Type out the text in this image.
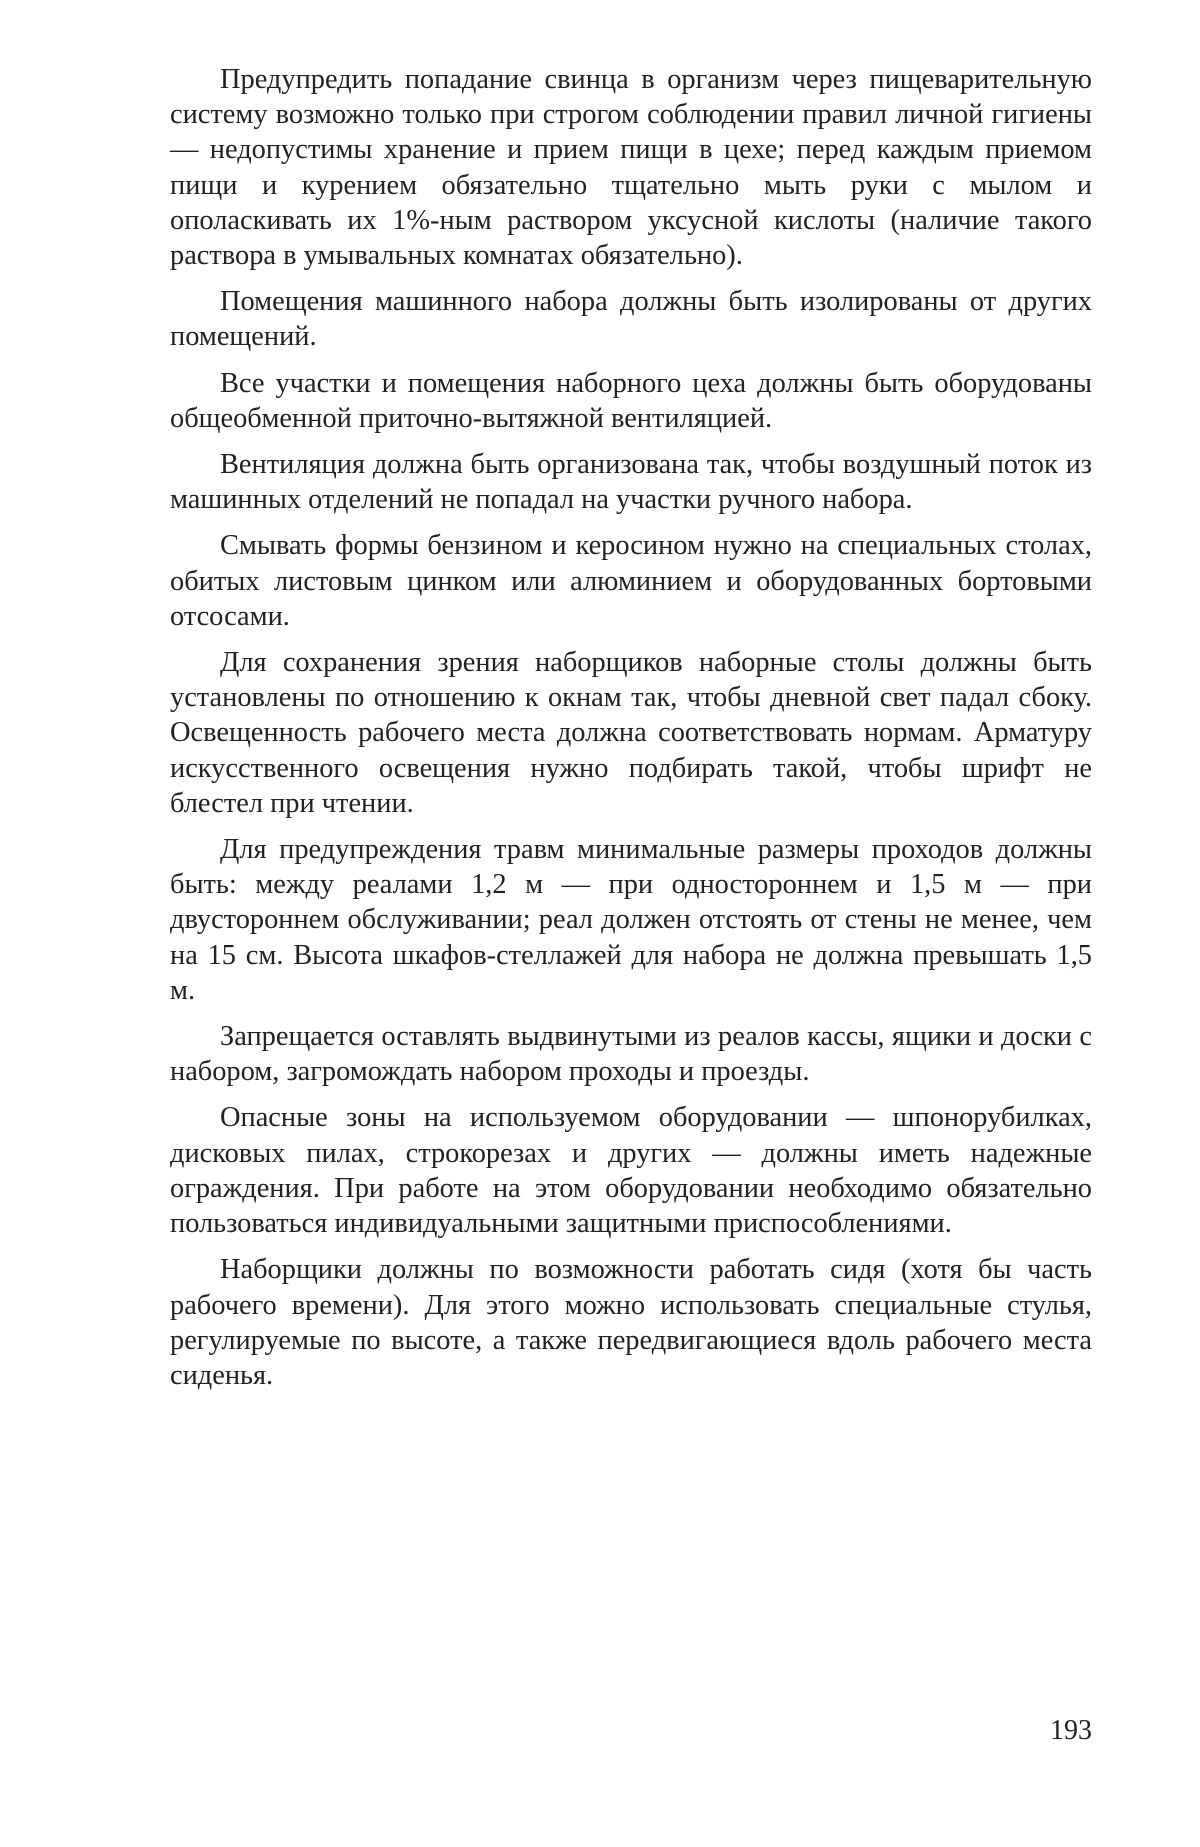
Предупредить попадание свинца в организм через пищеварительную систему возможно только при строгом соблюдении правил личной гигиены — недопустимы хранение и прием пищи в цехе; перед каждым приемом пищи и курением обязательно тщательно мыть руки с мылом и ополаскивать их 1%-ным раствором уксусной кислоты (наличие такого раствора в умывальных комнатах обязательно).

Помещения машинного набора должны быть изолированы от других помещений.

Все участки и помещения наборного цеха должны быть оборудованы общеобменной приточно-вытяжной вентиляцией.

Вентиляция должна быть организована так, чтобы воздушный поток из машинных отделений не попадал на участки ручного набора.

Смывать формы бензином и керосином нужно на специальных столах, обитых листовым цинком или алюминием и оборудованных бортовыми отсосами.

Для сохранения зрения наборщиков наборные столы должны быть установлены по отношению к окнам так, чтобы дневной свет падал сбоку. Освещенность рабочего места должна соответствовать нормам. Арматуру искусственного освещения нужно подбирать такой, чтобы шрифт не блестел при чтении.

Для предупреждения травм минимальные размеры проходов должны быть: между реалами 1,2 м — при одностороннем и 1,5 м — при двустороннем обслуживании; реал должен отстоять от стены не менее, чем на 15 см. Высота шкафов-стеллажей для набора не должна превышать 1,5 м.

Запрещается оставлять выдвинутыми из реалов кассы, ящики и доски с набором, загромождать набором проходы и проезды.

Опасные зоны на используемом оборудовании — шпонорубилках, дисковых пилах, строкорезах и других — должны иметь надежные ограждения. При работе на этом оборудовании необходимо обязательно пользоваться индивидуальными защитными приспособлениями.

Наборщики должны по возможности работать сидя (хотя бы часть рабочего времени). Для этого можно использовать специальные стулья, регулируемые по высоте, а также передвигающиеся вдоль рабочего места сиденья.

193
